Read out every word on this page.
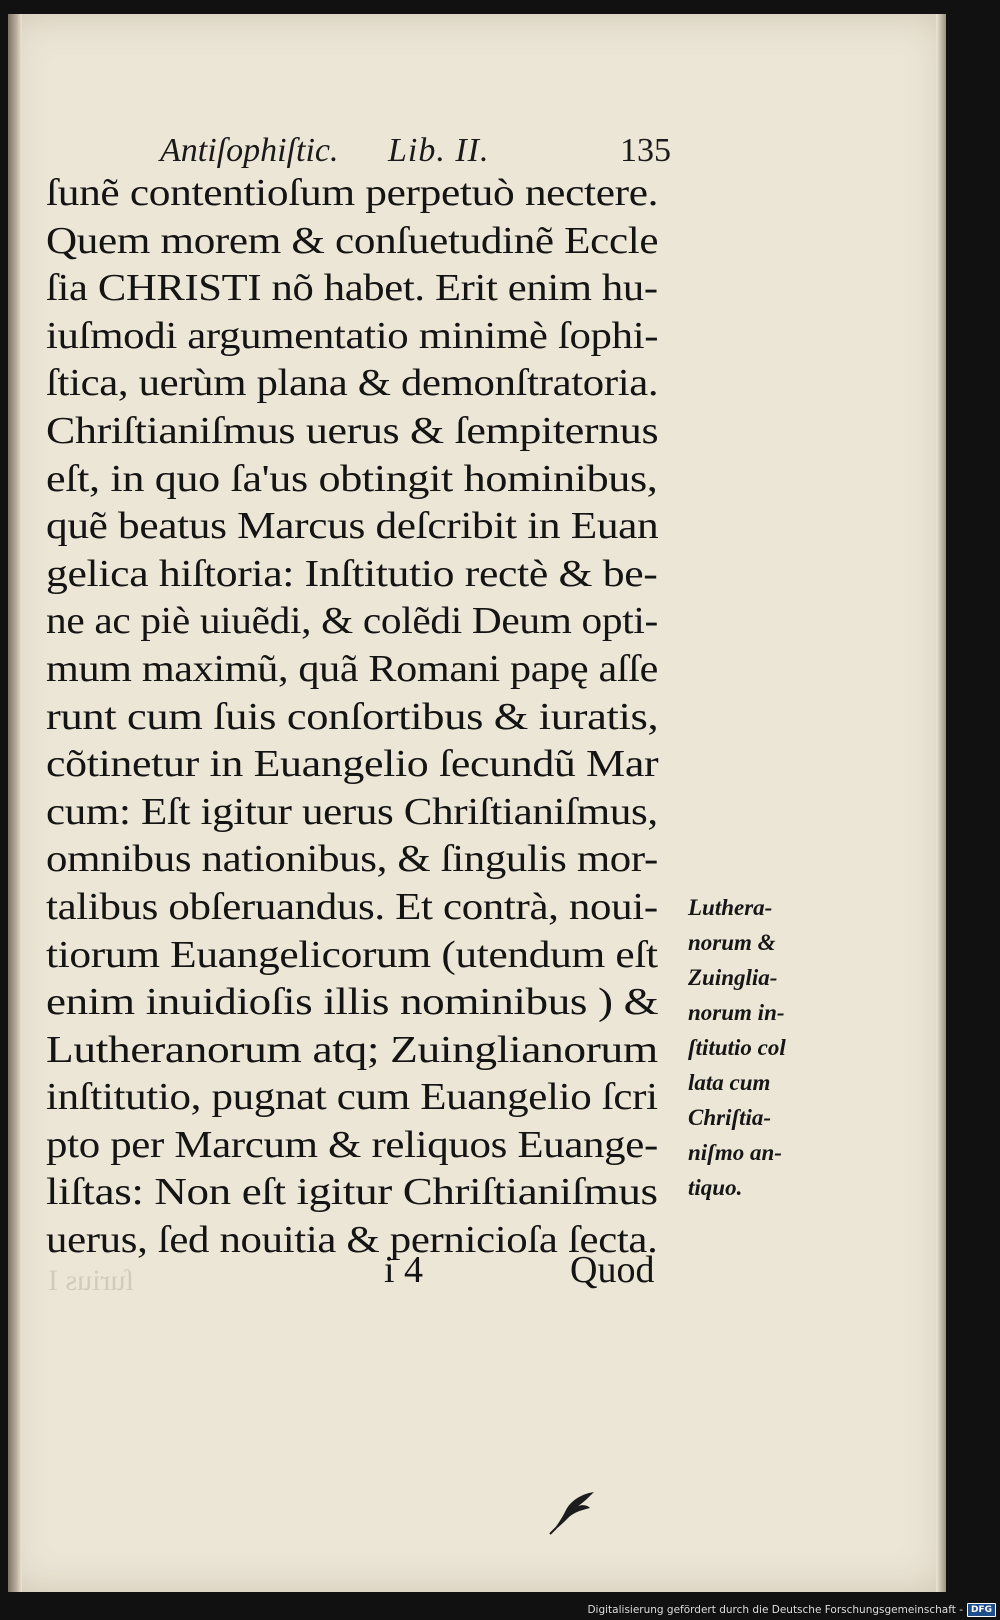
Antiſophiſtic. Lib. II.	135
ſunẽ contentioſum perpetuò nectere.
Quem morem & conſuetudinẽ Eccle
ſia CHRISTI nõ habet. Erit enim hu-
iuſmodi argumentatio minimè ſophi-
ſtica, uerùm plana & demonſtratoria.
Chriſtianiſmus uerus & ſempiternus
eſt, in quo ſa'us obtingit hominibus,
quẽ beatus Marcus deſcribit in Euan
gelica hiſtoria: Inſtitutio rectè & be-
ne ac piè uiuẽdi, & colẽdi Deum opti-
mum maximũ, quã Romani papę aſſe
runt cum ſuis conſortibus & iuratis,
cõtinetur in Euangelio ſecundũ Mar
cum: Eſt igitur uerus Chriſtianiſmus,
omnibus nationibus, & ſingulis mor-
talibus obſeruandus. Et contrà, noui-
tiorum Euangelicorum (utendum eſt
enim inuidioſis illis nominibus ) &
Lutheranorum atq; Zuinglianorum
inſtitutio, pugnat cum Euangelio ſcri
pto per Marcum & reliquos Euange-
liſtas: Non eſt igitur Chriſtianiſmus
uerus, ſed nouitia & pernicioſa ſecta.
Luthera-
norum &
Zuinglia-
norum in-
ſtitutio col
lata cum
Chriſtia-
niſmo an-
tiquo.
i 4	Quod
ſurius I
Digitalisierung gefördert durch die Deutsche Forschungsgemeinschaft - DFG
